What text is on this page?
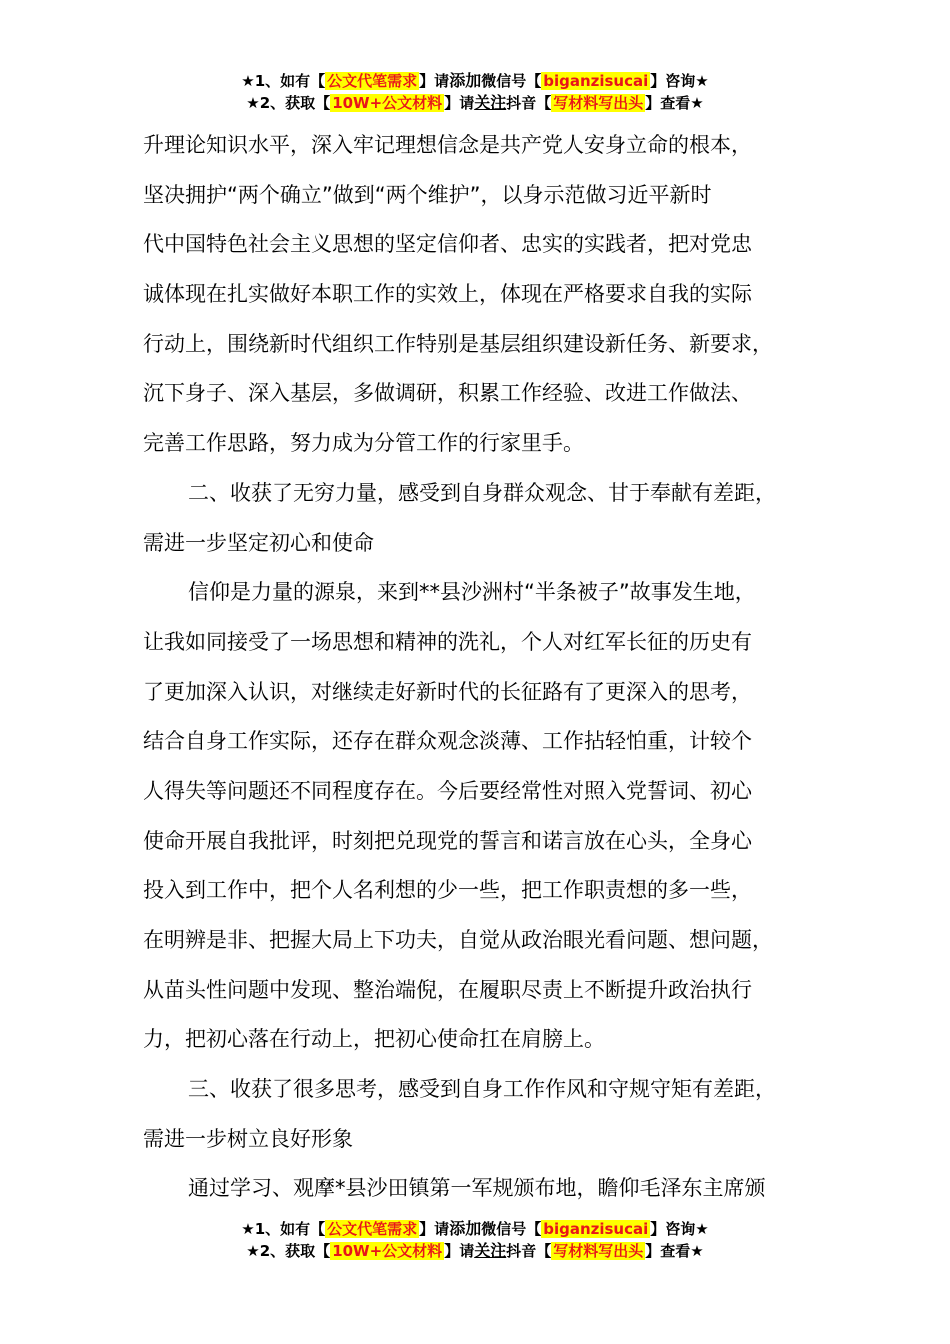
★1、如有【 公文代笔需求 】请添加微信号【 biganzisucai 】咨询★
★2、获取【 10W+公文材料 】请关注抖音【 写材料写出头 】查看★
升理论知识水平，深入牢记理想信念是共产党人安身立命的根本，
坚决拥护“两个确立”做到“两个维护”，以身示范做习近平新时
代中国特色社会主义思想的坚定信仰者、忠实的实践者，把对党忠
诚体现在扎实做好本职工作的实效上，体现在严格要求自我的实际
行动上，围绕新时代组织工作特别是基层组织建设新任务、新要求，
沉下身子、深入基层，多做调研，积累工作经验、改进工作做法、
完善工作思路，努力成为分管工作的行家里手。
二、收获了无穷力量，感受到自身群众观念、甘于奉献有差距，
需进一步坚定初心和使命
信仰是力量的源泉，来到**县沙洲村“半条被子”故事发生地，
让我如同接受了一场思想和精神的洗礼，个人对红军长征的历史有
了更加深入认识，对继续走好新时代的长征路有了更深入的思考，
结合自身工作实际，还存在群众观念淡薄、工作拈轻怕重，计较个
人得失等问题还不同程度存在。今后要经常性对照入党誓词、初心
使命开展自我批评，时刻把兑现党的誓言和诺言放在心头，全身心
投入到工作中，把个人名利想的少一些，把工作职责想的多一些，
在明辨是非、把握大局上下功夫，自觉从政治眼光看问题、想问题，
从苗头性问题中发现、整治端倪，在履职尽责上不断提升政治执行
力，把初心落在行动上，把初心使命扛在肩膀上。
三、收获了很多思考，感受到自身工作作风和守规守矩有差距，
需进一步树立良好形象
通过学习、观摩*县沙田镇第一军规颁布地，瞻仰毛泽东主席颁
★1、如有【 公文代笔需求 】请添加微信号【 biganzisucai 】咨询★
★2、获取【 10W+公文材料 】请关注抖音【 写材料写出头 】查看★
